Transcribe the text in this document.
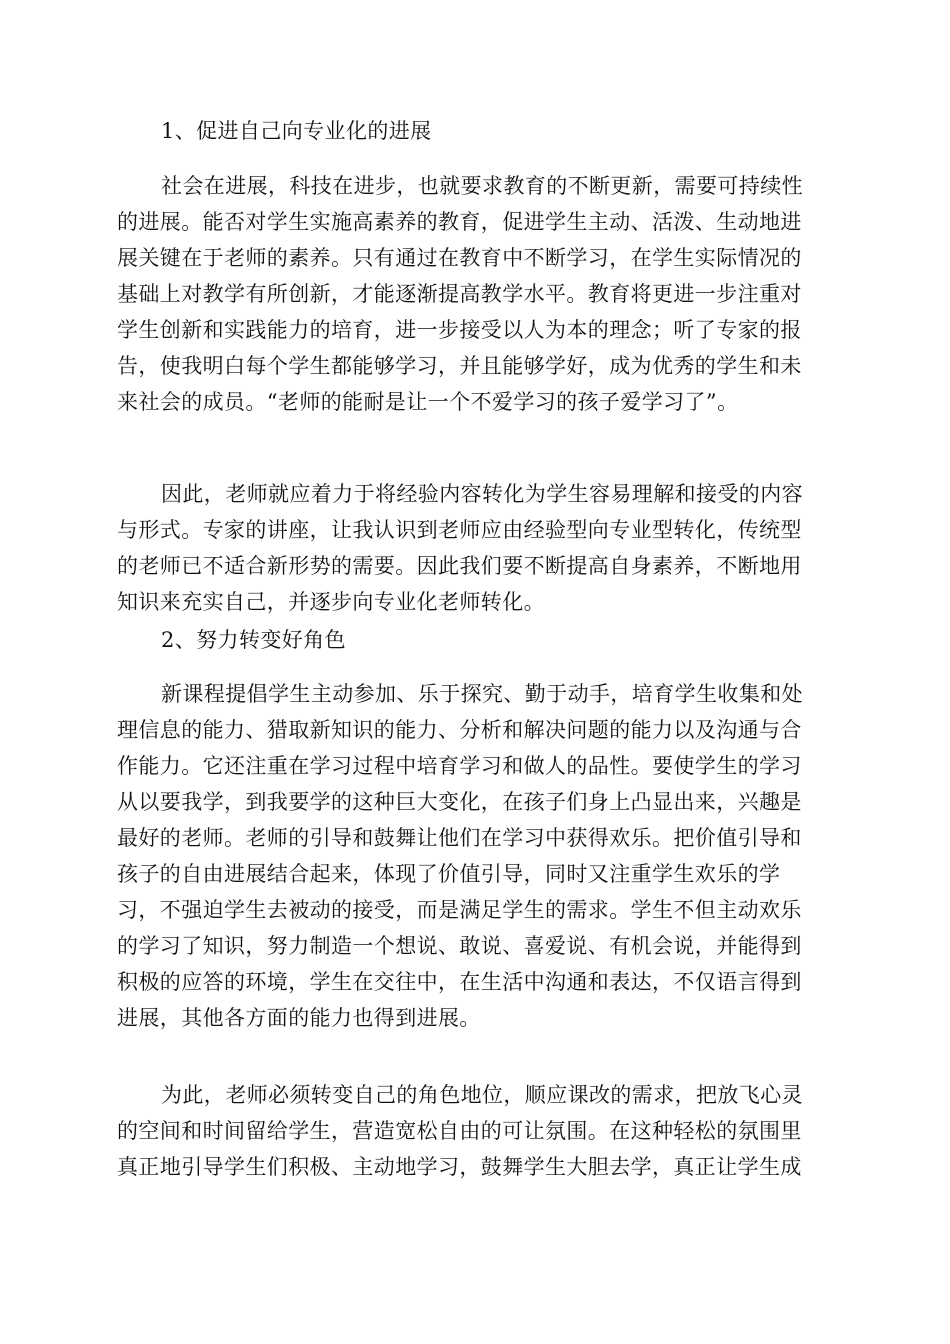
1、促进自己向专业化的进展
社会在进展，科技在进步，也就要求教育的不断更新，需要可持续性
的进展。能否对学生实施高素养的教育，促进学生主动、活泼、生动地进
展关键在于老师的素养。只有通过在教育中不断学习，在学生实际情况的
基础上对教学有所创新，才能逐渐提高教学水平。教育将更进一步注重对
学生创新和实践能力的培育，进一步接受以人为本的理念；听了专家的报
告，使我明白每个学生都能够学习，并且能够学好，成为优秀的学生和未
来社会的成员。“老师的能耐是让一个不爱学习的孩子爱学习了”。
因此，老师就应着力于将经验内容转化为学生容易理解和接受的内容
与形式。专家的讲座，让我认识到老师应由经验型向专业型转化，传统型
的老师已不适合新形势的需要。因此我们要不断提高自身素养，不断地用
知识来充实自己，并逐步向专业化老师转化。
2、努力转变好角色
新课程提倡学生主动参加、乐于探究、勤于动手，培育学生收集和处
理信息的能力、猎取新知识的能力、分析和解决问题的能力以及沟通与合
作能力。它还注重在学习过程中培育学习和做人的品性。要使学生的学习
从以要我学，到我要学的这种巨大变化，在孩子们身上凸显出来，兴趣是
最好的老师。老师的引导和鼓舞让他们在学习中获得欢乐。把价值引导和
孩子的自由进展结合起来，体现了价值引导，同时又注重学生欢乐的学
习，不强迫学生去被动的接受，而是满足学生的需求。学生不但主动欢乐
的学习了知识，努力制造一个想说、敢说、喜爱说、有机会说，并能得到
积极的应答的环境，学生在交往中，在生活中沟通和表达，不仅语言得到
进展，其他各方面的能力也得到进展。
为此，老师必须转变自己的角色地位，顺应课改的需求，把放飞心灵
的空间和时间留给学生，营造宽松自由的可让氛围。在这种轻松的氛围里
真正地引导学生们积极、主动地学习，鼓舞学生大胆去学，真正让学生成
